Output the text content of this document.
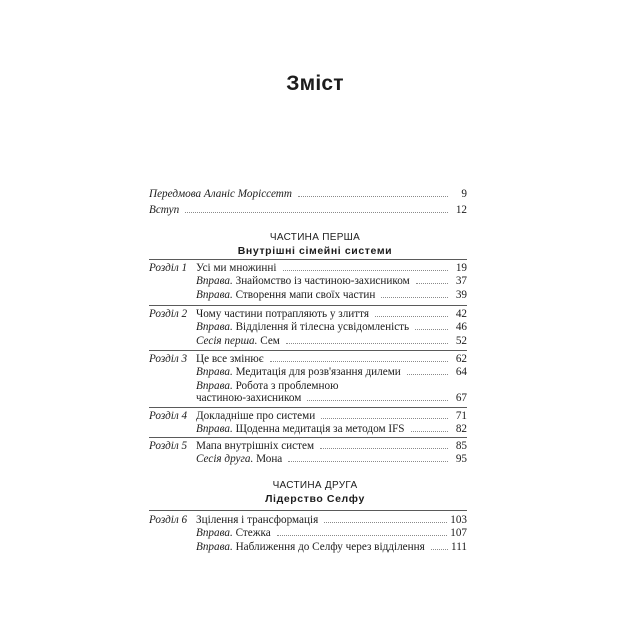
Зміст
Передмова Аланіс Моріссетт	9
Вступ	12
ЧАСТИНА ПЕРША
Внутрішні сімейні системи
Розділ 1 Усі ми множинні	19
Вправа. Знайомство із частиною-захисником	37
Вправа. Створення мапи своїх частин	39
Розділ 2 Чому частини потрапляють у злиття	42
Вправа. Відділення й тілесна усвідомленість	46
Сесія перша. Сем	52
Розділ 3 Це все змінює	62
Вправа. Медитація для розв'язання дилеми	64
Вправа. Робота з проблемною
частиною-захисником	67
Розділ 4 Докладніше про системи	71
Вправа. Щоденна медитація за методом IFS	82
Розділ 5 Мапа внутрішніх систем	85
Сесія друга. Мона	95
ЧАСТИНА ДРУГА
Лідерство Селфу
Розділ 6 Зцілення і трансформація	103
Вправа. Стежка	107
Вправа. Наближення до Селфу через відділення 111
